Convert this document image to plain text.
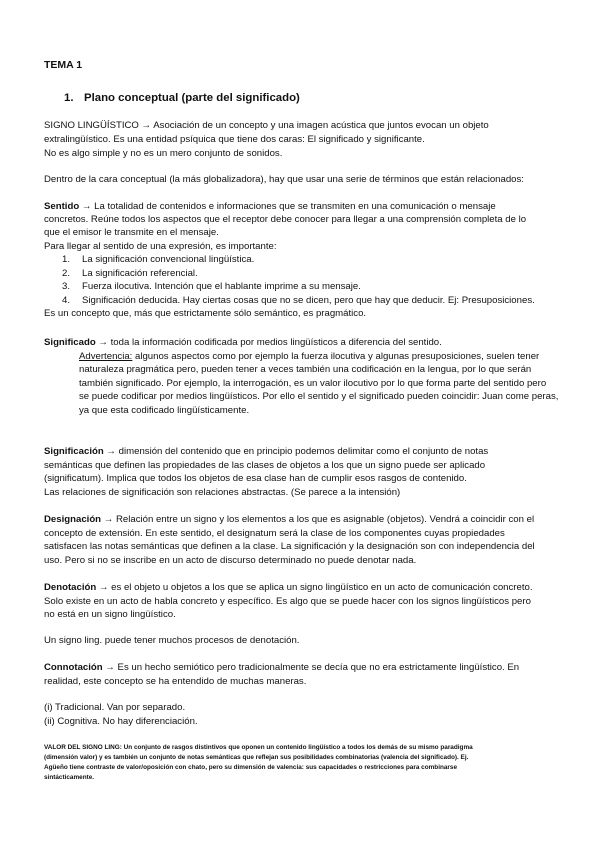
TEMA 1
1. Plano conceptual (parte del significado)
SIGNO LINGÜÍSTICO → Asociación de un concepto y una imagen acústica que juntos evocan un objeto
extralingüístico. Es una entidad psíquica que tiene dos caras: El significado y significante.
No es algo simple y no es un mero conjunto de sonidos.
Dentro de la cara conceptual (la más globalizadora), hay que usar una serie de términos que están relacionados:
Sentido → La totalidad de contenidos e informaciones que se transmiten en una comunicación o mensaje
concretos. Reúne todos los aspectos que el receptor debe conocer para llegar a una comprensión completa de lo
que el emisor le transmite en el mensaje.
Para llegar al sentido de una expresión, es importante:
1. La significación convencional lingüística.
2. La significación referencial.
3. Fuerza ilocutiva. Intención que el hablante imprime a su mensaje.
4. Significación deducida. Hay ciertas cosas que no se dicen, pero que hay que deducir. Ej: Presuposiciones.
Es un concepto que, más que estrictamente sólo semántico, es pragmático.
Significado → toda la información codificada por medios lingüísticos a diferencia del sentido.
Advertencia: algunos aspectos como por ejemplo la fuerza ilocutiva y algunas presuposiciones, suelen tener
naturaleza pragmática pero, pueden tener a veces también una codificación en la lengua, por lo que serán
también significado. Por ejemplo, la interrogación, es un valor ilocutivo por lo que forma parte del sentido pero
se puede codificar por medios lingüísticos. Por ello el sentido y el significado pueden coincidir: Juan come peras,
ya que esta codificado lingüísticamente.
Significación → dimensión del contenido que en principio podemos delimitar como el conjunto de notas
semánticas que definen las propiedades de las clases de objetos a los que un signo puede ser aplicado
(significatum). Implica que todos los objetos de esa clase han de cumplir esos rasgos de contenido.
Las relaciones de significación son relaciones abstractas. (Se parece a la intensión)
Designación → Relación entre un signo y los elementos a los que es asignable (objetos). Vendrá a coincidir con el
concepto de extensión. En este sentido, el designatum será la clase de los componentes cuyas propiedades
satisfacen las notas semánticas que definen a la clase. La significación y la designación son con independencia del
uso. Pero si no se inscribe en un acto de discurso determinado no puede denotar nada.
Denotación → es el objeto u objetos a los que se aplica un signo lingüístico en un acto de comunicación concreto.
Solo existe en un acto de habla concreto y específico. Es algo que se puede hacer con los signos lingüísticos pero
no está en un signo lingüístico.
Un signo ling. puede tener muchos procesos de denotación.
Connotación → Es un hecho semiótico pero tradicionalmente se decía que no era estrictamente lingüístico. En
realidad, este concepto se ha entendido de muchas maneras.
(i) Tradicional. Van por separado.
(ii) Cognitiva. No hay diferenciación.
VALOR DEL SIGNO LING: Un conjunto de rasgos distintivos que oponen un contenido lingüístico a todos los demás de su mismo paradigma
(dimensión valor) y es también un conjunto de notas semánticas que reflejan sus posibilidades combinatorias (valencia del significado). Ej.
Agüeño tiene contraste de valor/oposición con chato, pero su dimensión de valencia: sus capacidades o restricciones para combinarse
sintácticamente.
